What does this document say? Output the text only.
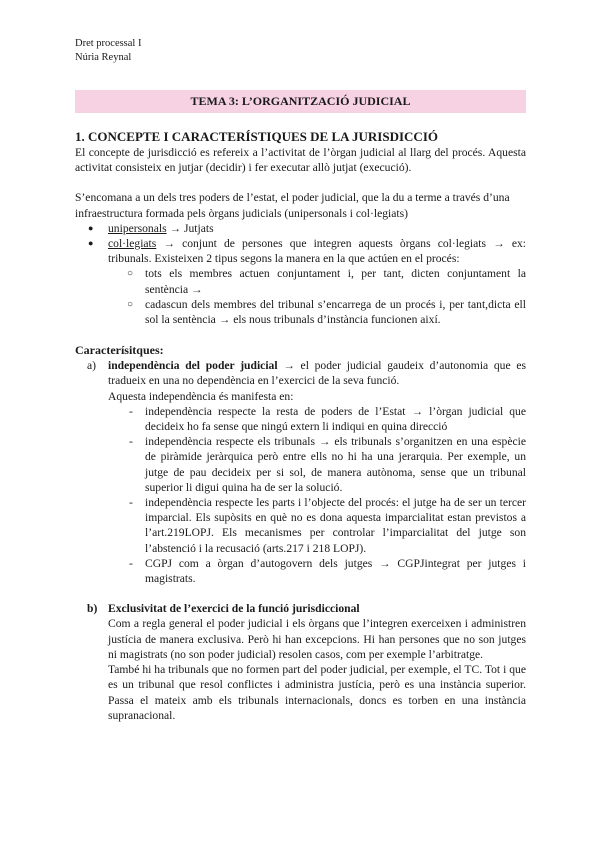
Dret processal I
Núria Reynal
TEMA 3: L’ORGANITZACIÓ JUDICIAL
1. CONCEPTE I CARACTERÍSTIQUES DE LA JURISDICCIÓ

El concepte de jurisdicció es refereix a l’activitat de l’òrgan judicial al llarg del procés. Aquesta activitat consisteix en jutjar (decidir) i fer executar allò jutjat (execució).

S’encomana a un dels tres poders de l’estat, el poder judicial, que la du a terme a través d’una infraestructura formada pels òrgans judicials (unipersonals i col·legiats)

● unipersonals → Jutjats
● col·legiats → conjunt de persones que integren aquests òrgans col·legiats → ex: tribunals. Existeixen 2 tipus segons la manera en la que actúen en el procés:
○ tots els membres actuen conjuntament i, per tant, dicten conjuntament la sentència →
○ cadascun dels membres del tribunal s’encarrega de un procés i, per tant,dicta ell sol la sentència → els nous tribunals d’instància funcionen així.
Caracterísitques:
a) independència del poder judicial → el poder judicial gaudeix d’autonomia que es tradueix en una no dependència en l’exercici de la seva funció.

Aquesta independència és manifesta en:

- independència respecte la resta de poders de l’Estat → l’òrgan judicial que decideix ho fa sense que ningú extern li indiqui en quina direcció
- independència respecte els tribunals → els tribunals s’organitzen en una espècie de piràmide jeràrquica però entre ells no hi ha una jerarquia. Per exemple, un jutge de pau decideix per si sol, de manera autònoma, sense que un tribunal superior li digui quina ha de ser la solució.
- independència respecte les parts i l’objecte del procés: el jutge ha de ser un tercer imparcial. Els supòsits en què no es dona aquesta imparcialitat estan previstos a l’art.219LOPJ. Els mecanismes per controlar l’imparcialitat del jutge son l’abstenció i la recusació (arts.217 i 218 LOPJ).
- CGPJ com a òrgan d’autogovern dels jutges → CGPJintegrat per jutges i magistrats.
b) Exclusivitat de l’exercici de la funció jurisdiccional

Com a regla general el poder judicial i els òrgans que l’integren exerceixen i administren justícia de manera exclusiva. Però hi han excepcions. Hi han persones que no son jutges ni magistrats (no son poder judicial) resolen casos, com per exemple l’arbitratge.

També hi ha tribunals que no formen part del poder judicial, per exemple, el TC. Tot i que es un tribunal que resol conflictes i administra justícia, però es una instància superior. Passa el mateix amb els tribunals internacionals, doncs es torben en una instància supranacional.
